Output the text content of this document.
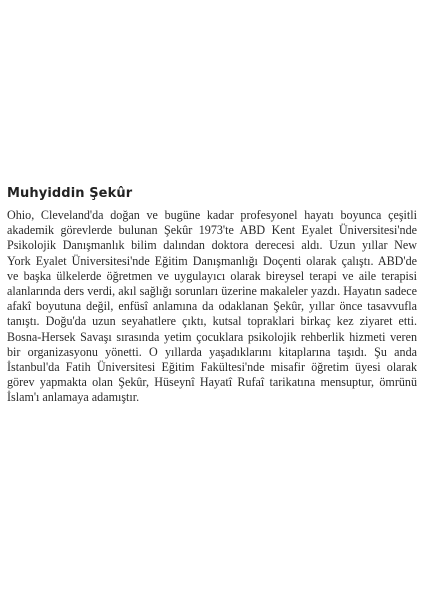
Muhyiddin Şekûr

Ohio, Cleveland'da doğan ve bugüne kadar profesyonel hayatı boyunca çeşitli
akademik görevlerde bulunan Şekûr 1973'te ABD Kent Eyalet Üniversitesi'nde
Psikolojik Danışmanlık bilim dalından doktora derecesi aldı. Uzun yıllar New
York Eyalet Üniversitesi'nde Eğitim Danışmanlığı Doçenti olarak çalıştı. ABD'de
ve başka ülkelerde öğretmen ve uygulayıcı olarak bireysel terapi ve aile terapisi
alanlarında ders verdi, akıl sağlığı sorunları üzerine makaleler yazdı. Hayatın sadece
afakî boyutuna değil, enfüsî anlamına da odaklanan Şekûr, yıllar önce tasavvufla
tanıştı. Doğu'da uzun seyahatlere çıktı, kutsal topraklari birkaç kez ziyaret etti.
Bosna-Hersek Savaşı sırasında yetim çocuklara psikolojik rehberlik hizmeti veren
bir organizasyonu yönetti. O yıllarda yaşadıklarını kitaplarına taşıdı. Şu anda
İstanbul'da Fatih Üniversitesi Eğitim Fakültesi'nde misafir öğretim üyesi olarak
görev yapmakta olan Şekûr, Hüseynî Hayatî Rufaî tarikatına mensuptur, ömrünü
İslam'ı anlamaya adamıştır.
